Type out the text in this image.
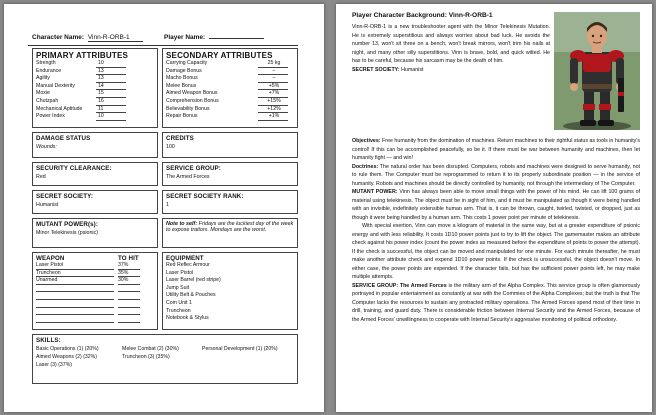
Character Name: Vinn-R-ORB-1	Player Name:
PRIMARY ATTRIBUTES
Strength	10
Endurance	13
Agility	13
Manual Dexterity	14
Moxie	15
Chutzpah	16
Mechanical Aptitude	11
Power Index	10
SECONDARY ATTRIBUTES
Carrying Capacity	25 kg
Damage Bonus	–
Macho Bonus	–
Melee Bonus	+5%
Aimed Weapon Bonus	+7%
Comprehension Bonus	+15%
Believability Bonus	+12%
Repair Bonus	+1%
DAMAGE STATUS
Wounds:
CREDITS
100
SECURITY CLEARANCE:
Red
SERVICE GROUP:
The Armed Forces
SECRET SOCIETY:
Humanist
SECRET SOCIETY RANK:
1
MUTANT POWER(s):
Minor Telekinesis (psionic)
Note to self: Fridays are the luckiest day of the week to expose traitors. Mondays are the worst.
WEAPON	TO HIT
Laser Pistol	37%
Truncheon	35%
Unarmed	30%
EQUIPMENT
Red Reflec Armour
Laser Pistol
Laser Barrel (red stripe)
Jump Suit
Utility Belt & Pouches
Com Unit 1
Truncheon
Notebook & Stylus
SKILLS:
Basic Operations (1) (20%)	Melee Combat (2) (30%)	Personal Development (1) (20%)
Aimed Weapons (2) (32%)	Truncheon (3) (35%)
Laser (3) (37%)
Player Character Background: Vinn-R-ORB-1

Vinn-R-ORB-1 is a new troubleshooter agent with the Minor Telekinesis Mutation. He is extremely superstitious and always worries about bad luck. He avoids the number 13, won't sit three on a bench, won't break mirrors, won't trim his nails at night, and many other silly superstitions. Vinn is brave, bold, and quick witted. He has to be careful, because his sarcasm may be the death of him.

SECRET SOCIETY: Humanist

Objectives: Free humanity from the domination of machines. Return machines to their rightful status as tools in humanity's control! If this can be accomplished peacefully, so be it. If there must be war between humanity and machines, then let humanity fight — and win!

Doctrines: The natural order has been disrupted. Computers, robots and machines were designed to serve humanity, not to rule them. The Computer must be reprogrammed to return it to its properly subordinate position — in the service of humanity. Robots and machines should be directly controlled by humanity, not through the intermediary of The Computer.

MUTANT POWER: Vinn has always been able to move small things with the power of his mind. He can lift 100 grams of material using telekinesis. The object must be in sight of him, and it must be manipulated as though it were being handled with an invisible, indefinitely extensible human arm. That is, it can be thrown, caught, twirled, twisted, or dropped, just as though it were being handled by a human arm. This costs 1 power point per minute of telekinesis.

With special exertion, Vinn can move a kilogram of material in the same way, but at a greater expenditure of psionic energy and with less reliability. It costs 1D10 power points just to try to lift the object. The gamemaster makes an attribute check against his power index (count the power index as measured before the expenditure of points to power the attempt). If the check is successful, the object can be moved and manipulated for one minute. For each minute thereafter, he must make another attribute check and expend 1D10 power points. If the check is unsuccessful, the object doesn't move. In either case, the power points are expended. If the character fails, but has the sufficient power points left, he may make multiple attempts.

SERVICE GROUP: The Armed Forces is the military arm of the Alpha Complex. This service group is often glamorously portrayed in popular entertainment as constantly at war with the Commies of the Alpha Complexes; but the truth is that The Computer lacks the resources to sustain any protracted military operations. The Armed Forces spend most of their time in drill, training, and guard duty. There is considerable friction between Internal Security and the Armed Forces, because of the Armed Forces' unwillingness to cooperate with Internal Security's aggressive monitoring of political orthodoxy.
